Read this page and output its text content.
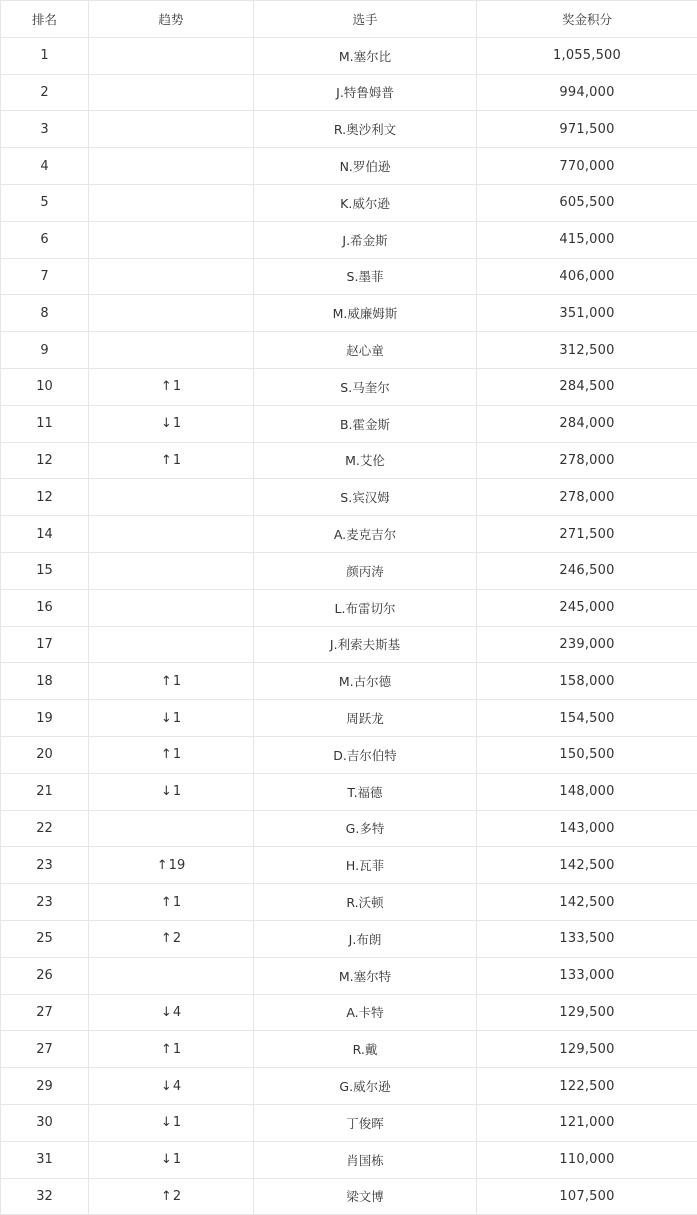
排名	趋势	选手	奖金积分
1		M.塞尔比	1,055,500
2		J.特鲁姆普	994,000
3		R.奥沙利文	971,500
4		N.罗伯逊	770,000
5		K.威尔逊	605,500
6		J.希金斯	415,000
7		S.墨菲	406,000
8		M.威廉姆斯	351,000
9		赵心童	312,500
10	↑1	S.马奎尔	284,500
11	↓1	B.霍金斯	284,000
12	↑1	M.艾伦	278,000
12		S.宾汉姆	278,000
14		A.麦克吉尔	271,500
15		颜丙涛	246,500
16		L.布雷切尔	245,000
17		J.利索夫斯基	239,000
18	↑1	M.古尔德	158,000
19	↓1	周跃龙	154,500
20	↑1	D.吉尔伯特	150,500
21	↓1	T.福德	148,000
22		G.多特	143,000
23	↑19	H.瓦菲	142,500
23	↑1	R.沃顿	142,500
25	↑2	J.布朗	133,500
26		M.塞尔特	133,000
27	↓4	A.卡特	129,500
27	↑1	R.戴	129,500
29	↓4	G.威尔逊	122,500
30	↓1	丁俊晖	121,000
31	↓1	肖国栋	110,000
32	↑2	梁文博	107,500
